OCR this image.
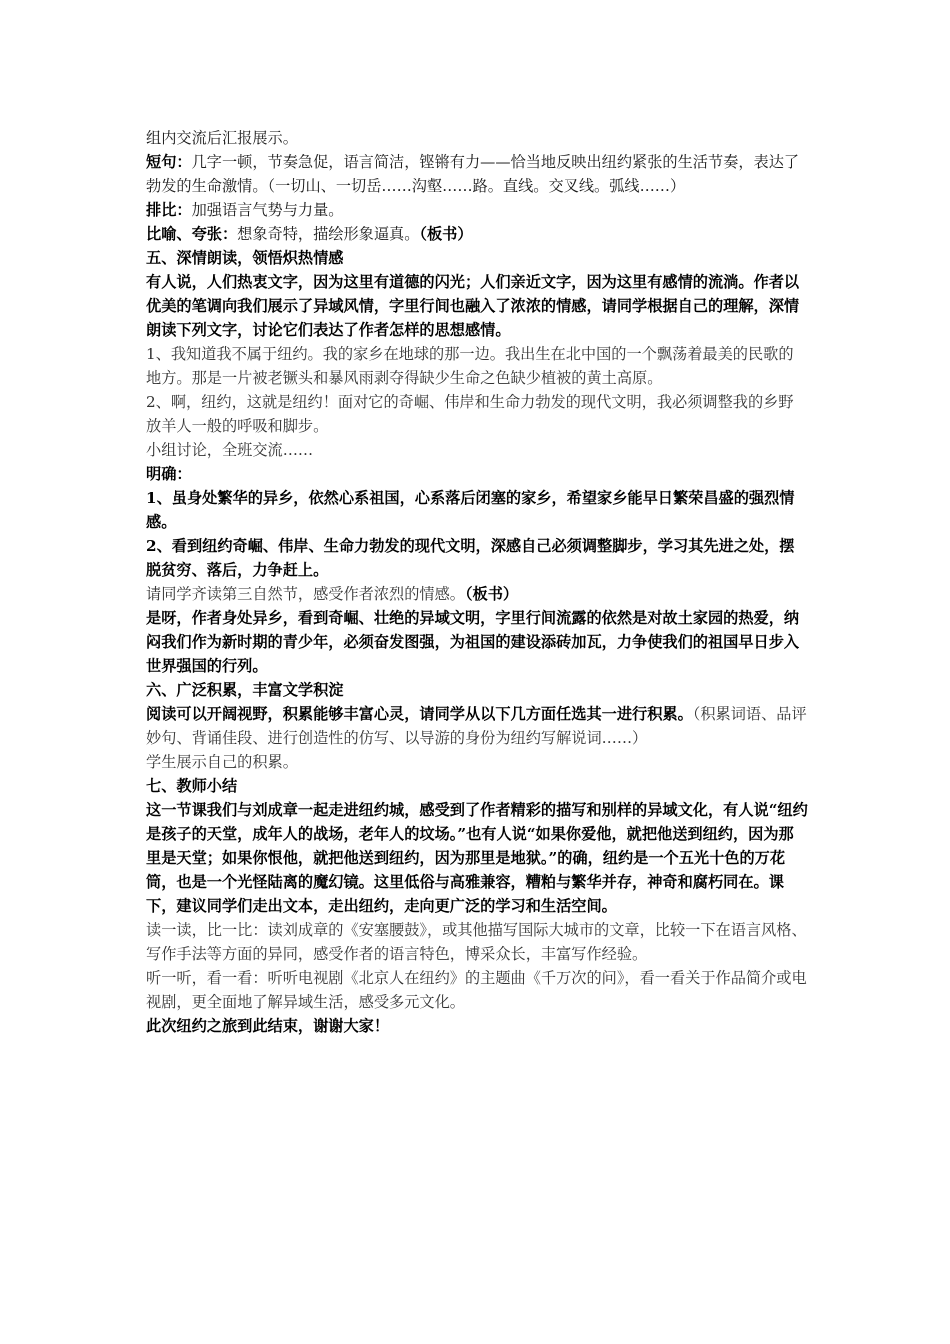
组内交流后汇报展示。

短句：几字一顿，节奏急促，语言简洁，铿锵有力——恰当地反映出纽约紧张的生活节奏，表达了勃发的生命激情。（一切山、一切岳……沟壑……路。直线。交叉线。弧线……）

排比：加强语言气势与力量。

比喻、夸张：想象奇特，描绘形象逼真。（板书）

五、深情朗读，领悟炽热情感

有人说，人们热衷文字，因为这里有道德的闪光；人们亲近文字，因为这里有感情的流淌。作者以优美的笔调向我们展示了异域风情，字里行间也融入了浓浓的情感，请同学根据自己的理解，深情朗读下列文字，讨论它们表达了作者怎样的思想感情。

1、我知道我不属于纽约。我的家乡在地球的那一边。我出生在北中国的一个飘荡着最美的民歌的地方。那是一片被老镢头和暴风雨剥夺得缺少生命之色缺少植被的黄土高原。

2、啊，纽约，这就是纽约！面对它的奇崛、伟岸和生命力勃发的现代文明，我必须调整我的乡野放羊人一般的呼吸和脚步。

小组讨论，全班交流……

明确：

1、虽身处繁华的异乡，依然心系祖国，心系落后闭塞的家乡，希望家乡能早日繁荣昌盛的强烈情感。

2、看到纽约奇崛、伟岸、生命力勃发的现代文明，深感自己必须调整脚步，学习其先进之处，摆脱贫穷、落后，力争赶上。

请同学齐读第三自然节，感受作者浓烈的情感。（板书）

是呀，作者身处异乡，看到奇崛、壮绝的异域文明，字里行间流露的依然是对故土家园的热爱，纳闷我们作为新时期的青少年，必须奋发图强，为祖国的建设添砖加瓦，力争使我们的祖国早日步入世界强国的行列。

六、广泛积累，丰富文学积淀

阅读可以开阔视野，积累能够丰富心灵，请同学从以下几方面任选其一进行积累。（积累词语、品评妙句、背诵佳段、进行创造性的仿写、以导游的身份为纽约写解说词……）

学生展示自己的积累。

七、教师小结

这一节课我们与刘成章一起走进纽约城，感受到了作者精彩的描写和别样的异域文化，有人说“纽约是孩子的天堂，成年人的战场，老年人的坟场。”也有人说“如果你爱他，就把他送到纽约，因为那里是天堂；如果你恨他，就把他送到纽约，因为那里是地狱。”的确，纽约是一个五光十色的万花筒，也是一个光怪陆离的魔幻镜。这里低俗与高雅兼容，糟粕与繁华并存，神奇和腐朽同在。课下，建议同学们走出文本，走出纽约，走向更广泛的学习和生活空间。

读一读，比一比：读刘成章的《安塞腰鼓》，或其他描写国际大城市的文章，比较一下在语言风格、写作手法等方面的异同，感受作者的语言特色，博采众长，丰富写作经验。

听一听，看一看：听听电视剧《北京人在纽约》的主题曲《千万次的问》，看一看关于作品简介或电视剧，更全面地了解异域生活，感受多元文化。

此次纽约之旅到此结束，谢谢大家！
